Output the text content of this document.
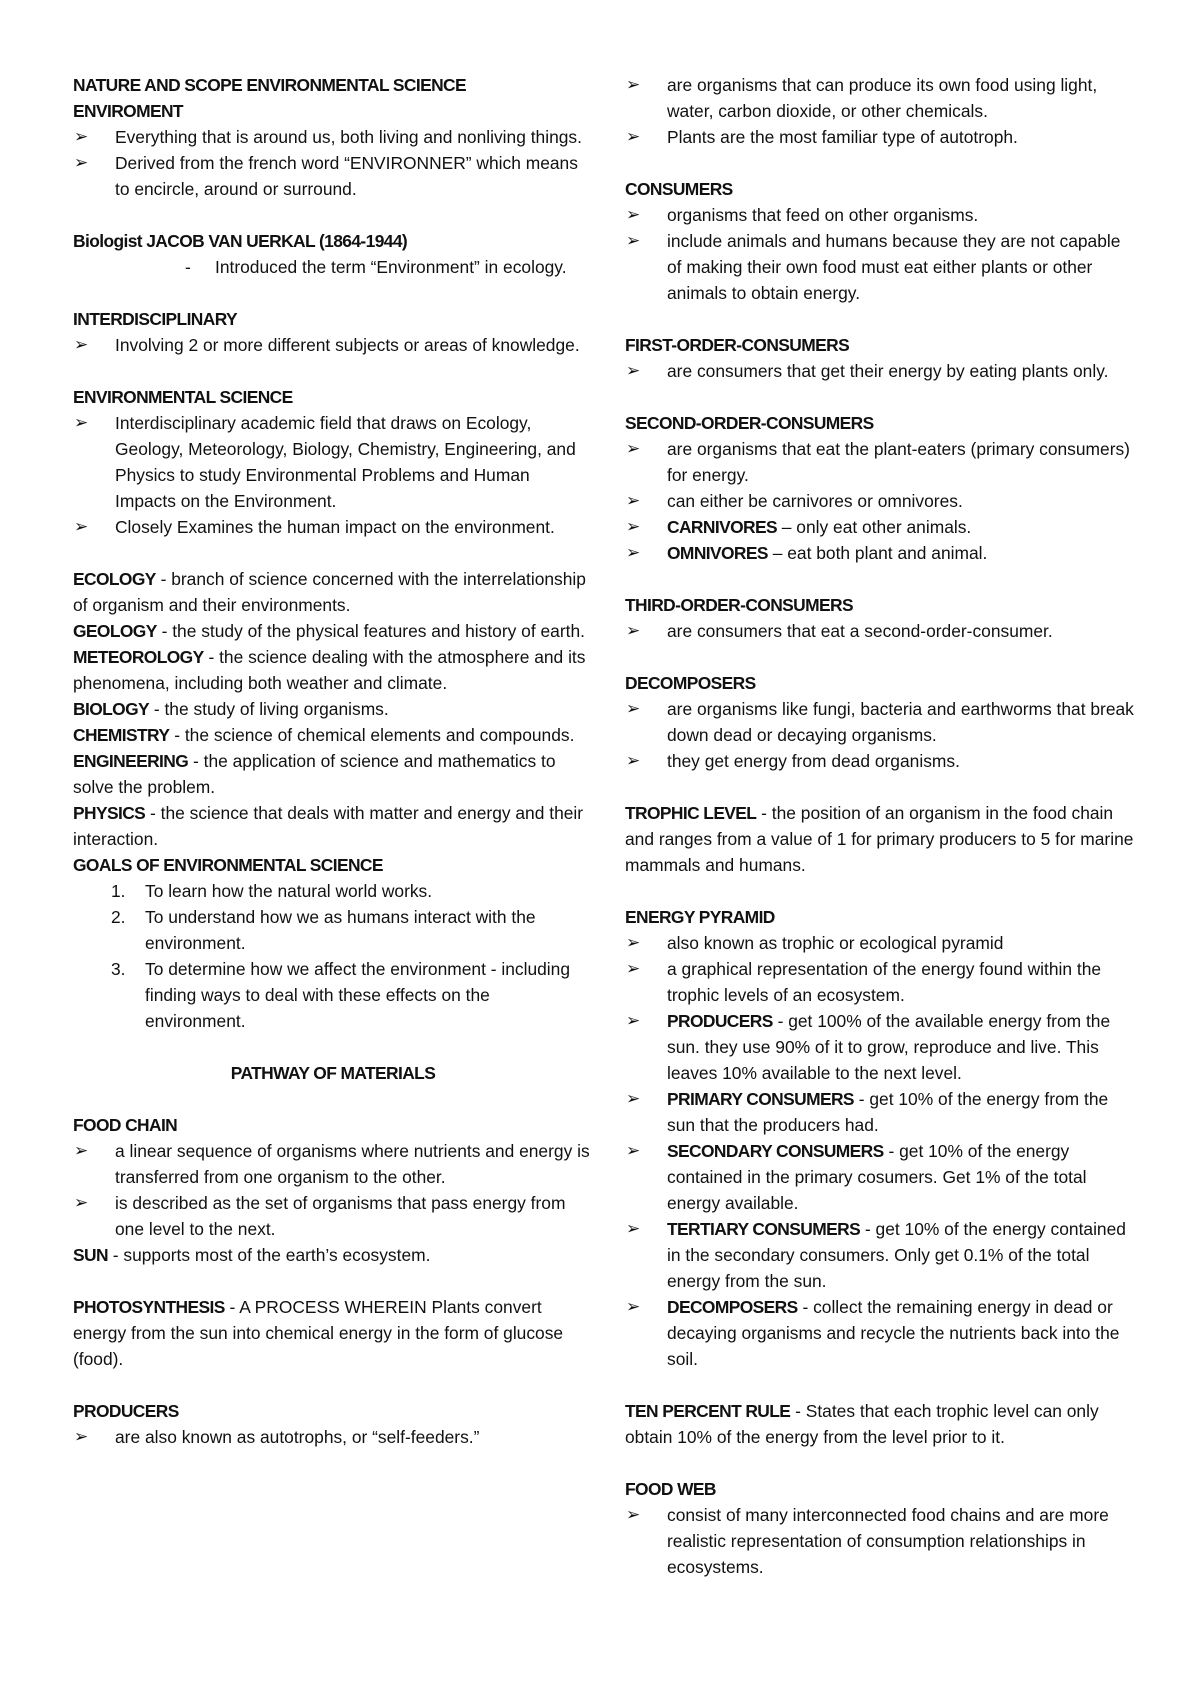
NATURE AND SCOPE ENVIRONMENTAL SCIENCE
ENVIROMENT
➢ Everything that is around us, both living and nonliving things.
➢ Derived from the french word “ENVIRONNER” which means to encircle, around or surround.
Biologist JACOB VAN UERKAL (1864-1944)
- Introduced the term “Environment” in ecology.
INTERDISCIPLINARY
➢ Involving 2 or more different subjects or areas of knowledge.
ENVIRONMENTAL SCIENCE
➢ Interdisciplinary academic field that draws on Ecology, Geology, Meteorology, Biology, Chemistry, Engineering, and Physics to study Environmental Problems and Human Impacts on the Environment.
➢ Closely Examines the human impact on the environment.

ECOLOGY - branch of science concerned with the interrelationship of organism and their environments.

GEOLOGY - the study of the physical features and history of earth.

METEOROLOGY - the science dealing with the atmosphere and its phenomena, including both weather and climate.

BIOLOGY - the study of living organisms.

CHEMISTRY - the science of chemical elements and compounds.

ENGINEERING - the application of science and mathematics to solve the problem.

PHYSICS - the science that deals with matter and energy and their interaction.

GOALS OF ENVIRONMENTAL SCIENCE
1. To learn how the natural world works.
2. To understand how we as humans interact with the environment.
3. To determine how we affect the environment - including finding ways to deal with these effects on the environment.
PATHWAY OF MATERIALS
FOOD CHAIN
➢ a linear sequence of organisms where nutrients and energy is transferred from one organism to the other.
➢ is described as the set of organisms that pass energy from one level to the next.

SUN - supports most of the earth’s ecosystem.

PHOTOSYNTHESIS - A PROCESS WHEREIN Plants convert energy from the sun into chemical energy in the form of glucose (food).

PRODUCERS
➢ are also known as autotrophs, or “self-feeders.”
➢ are organisms that can produce its own food using light, water, carbon dioxide, or other chemicals.
➢ Plants are the most familiar type of autotroph.
CONSUMERS
➢ organisms that feed on other organisms.
➢ include animals and humans because they are not capable of making their own food must eat either plants or other animals to obtain energy.
FIRST-ORDER-CONSUMERS
➢ are consumers that get their energy by eating plants only.
SECOND-ORDER-CONSUMERS
➢ are organisms that eat the plant-eaters (primary consumers) for energy.
➢ can either be carnivores or omnivores.
➢ CARNIVORES – only eat other animals.
➢ OMNIVORES – eat both plant and animal.
THIRD-ORDER-CONSUMERS
➢ are consumers that eat a second-order-consumer.
DECOMPOSERS
➢ are organisms like fungi, bacteria and earthworms that break down dead or decaying organisms.
➢ they get energy from dead organisms.

TROPHIC LEVEL - the position of an organism in the food chain and ranges from a value of 1 for primary producers to 5 for marine mammals and humans.

ENERGY PYRAMID
➢ also known as trophic or ecological pyramid
➢ a graphical representation of the energy found within the trophic levels of an ecosystem.
➢ PRODUCERS - get 100% of the available energy from the sun. they use 90% of it to grow, reproduce and live. This leaves 10% available to the next level.
➢ PRIMARY CONSUMERS - get 10% of the energy from the sun that the producers had.
➢ SECONDARY CONSUMERS - get 10% of the energy contained in the primary cosumers. Get 1% of the total energy available.
➢ TERTIARY CONSUMERS - get 10% of the energy contained in the secondary consumers. Only get 0.1% of the total energy from the sun.
➢ DECOMPOSERS - collect the remaining energy in dead or decaying organisms and recycle the nutrients back into the soil.

TEN PERCENT RULE - States that each trophic level can only obtain 10% of the energy from the level prior to it.

FOOD WEB
➢ consist of many interconnected food chains and are more realistic representation of consumption relationships in ecosystems.
